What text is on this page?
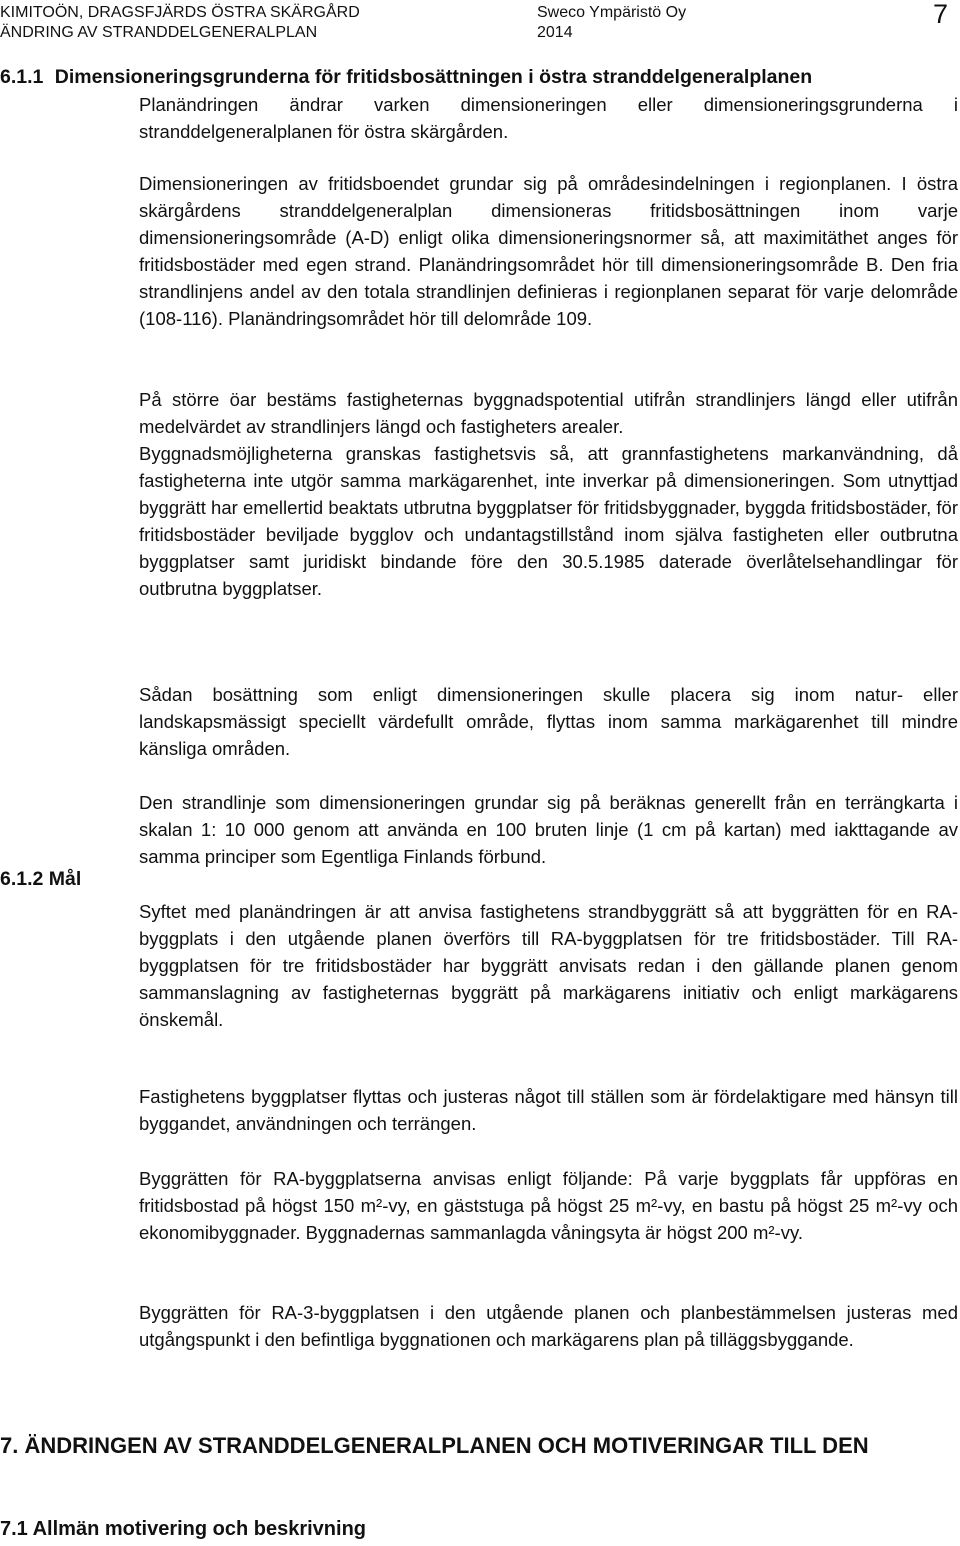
KIMITOÖN, DRAGSFJÄRDS ÖSTRA SKÄRGÅRD
ÄNDRING AV STRANDDELGENERALPLAN
Sweco Ympäristö Oy
2014
7
6.1.1 Dimensioneringsgrunderna för fritidsbosättningen i östra stranddelgeneralplanen

Planändringen ändrar varken dimensioneringen eller dimensioneringsgrunderna i stranddelgeneralplanen för östra skärgården.

Dimensioneringen av fritidsboendet grundar sig på områdesindelningen i regionplanen. I östra skärgårdens stranddelgeneralplan dimensioneras fritidsbosättningen inom varje dimensioneringsområde (A-D) enligt olika dimensioneringsnormer så, att maximitäthet anges för fritidsbostäder med egen strand. Planändringsområdet hör till dimensioneringsområde B. Den fria strandlinjens andel av den totala strandlinjen definieras i regionplanen separat för varje delområde (108-116). Planändringsområdet hör till delområde 109.

På större öar bestäms fastigheternas byggnadspotential utifrån strandlinjers längd eller utifrån medelvärdet av strandlinjers längd och fastigheters arealer.

Byggnadsmöjligheterna granskas fastighetsvis så, att grannfastighetens markanvändning, då fastigheterna inte utgör samma markägarenhet, inte inverkar på dimensioneringen. Som utnyttjad byggrätt har emellertid beaktats utbrutna byggplatser för fritidsbyggnader, byggda fritidsbostäder, för fritidsbostäder beviljade bygglov och undantagstillstånd inom själva fastigheten eller outbrutna byggplatser samt juridiskt bindande före den 30.5.1985 daterade överlåtelsehandlingar för outbrutna byggplatser.

Sådan bosättning som enligt dimensioneringen skulle placera sig inom natur- eller landskapsmässigt speciellt värdefullt område, flyttas inom samma markägarenhet till mindre känsliga områden.

Den strandlinje som dimensioneringen grundar sig på beräknas generellt från en terrängkarta i skalan 1: 10 000 genom att använda en 100 bruten linje (1 cm på kartan) med iakttagande av samma principer som Egentliga Finlands förbund.

6.1.2 Mål

Syftet med planändringen är att anvisa fastighetens strandbyggrätt så att byggrätten för en RA-byggplats i den utgående planen överförs till RA-byggplatsen för tre fritidsbostäder. Till RA-byggplatsen för tre fritidsbostäder har byggrätt anvisats redan i den gällande planen genom sammanslagning av fastigheternas byggrätt på markägarens initiativ och enligt markägarens önskemål.

Fastighetens byggplatser flyttas och justeras något till ställen som är fördelaktigare med hänsyn till byggandet, användningen och terrängen.

Byggrätten för RA-byggplatserna anvisas enligt följande: På varje byggplats får uppföras en fritidsbostad på högst 150 m²-vy, en gäststuga på högst 25 m²-vy, en bastu på högst 25 m²-vy och ekonomibyggnader. Byggnadernas sammanlagda våningsyta är högst 200 m²-vy.

Byggrätten för RA-3-byggplatsen i den utgående planen och planbestämmelsen justeras med utgångspunkt i den befintliga byggnationen och markägarens plan på tilläggsbyggande.

7. ÄNDRINGEN AV STRANDDELGENERALPLANEN OCH MOTIVERINGAR TILL DEN
7.1 Allmän motivering och beskrivning
